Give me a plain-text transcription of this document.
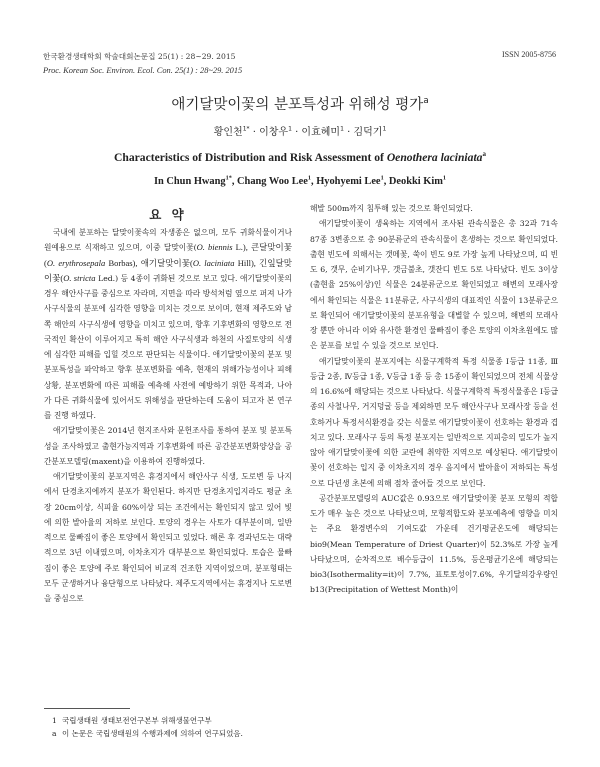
한국환경생태학회 학술대회논문집 25(1) : 28~29. 2015
Proc. Korean Soc. Environ. Ecol. Con. 25(1) : 28~29. 2015
ISSN 2005-8756
애기달맞이꽃의 분포특성과 위해성 평가$^a$
황인천$^{1*}$ · 이창우$^1$ · 이효혜미$^1$ · 김덕기$^1$
Characteristics of Distribution and Risk Assessment of Oenothera laciniata$^a$
In Chun Hwang$^{1*}$, Chang Woo Lee$^1$, Hyohyemi Lee$^1$, Deokki Kim$^1$
요 약

국내에 분포하는 달맞이꽃속의 자생종은 없으며, 모두 귀화식물이거나 원예용으로 식재하고 있으며, 이중 달맞이꽃(O. biennis L.), 큰달맞이꽃(O. erythrosepala Borbas), 애기달맞이꽃(O. laciniata Hill), 긴잎달맞이꽃(O. stricta Led.) 등 4종이 귀화된 것으로 보고 있다. 애기달맞이꽃의 경우 해안사구를 중심으로 자라며, 지면을 따라 방석처럼 옆으로 퍼져 나가 사구식물의 분포에 심각한 영향을 미치는 것으로 보이며, 현재 제주도와 남쪽 해안의 사구식생에 영향을 미치고 있으며, 향후 기후변화의 영향으로 전국적인 확산이 이루어지고 특히 해안 사구식생과 하천의 사질토양의 식생에 심각한 피해를 입힐 것으로 판단되는 식물이다. 애기달맞이꽃의 분포 및 분포특성을 파악하고 향후 분포변화를 예측, 현재의 위해가능성이나 피해상황, 분포변화에 따른 피해를 예측해 사전에 예방하기 위한 목적과, 나아가 다른 귀화식물에 있어서도 위해성을 판단하는데 도움이 되고자 본 연구를 진행 하였다.

애기달맞이꽃은 2014년 현지조사와 문헌조사를 통하여 분포 및 분포특성을 조사하였고 출현가능지역과 기후변화에 따른 공간분포변화양상을 공간분포모델링(maxent)을 이용하여 진행하였다.

애기달맞이꽃의 분포지역은 휴경지에서 해안사구 식생, 도로변 등 나지에서 단경초지에까지 분포가 확인된다. 하지만 단경초지입지라도 평균 초장 20cm이상, 식피율 60%이상 되는 조건에서는 확인되지 않고 있어 빛에 의한 발아율의 저하로 보인다. 토양의 경우는 사토가 대부분이며, 일반적으로 물빠짐이 좋은 토양에서 확인되고 있었다. 해론 후 경과년도는 대략적으로 3년 이내였으며, 이차초지가 대부분으로 확인되었다. 토습은 물빠짐이 좋은 토양에 주로 확인되어 비교적 건조한 지역이었으며, 분포형태는 모두 군생하거나 융단형으로 나타났다. 제주도지역에서는 휴경지나 도로변을 중심으로

해발 500m까지 침투해 있는 것으로 확인되었다.

애기달맞이꽃이 생육하는 지역에서 조사된 관속식물은 총 32과 71속 87종 3변종으로 총 90분류군의 관속식물이 혼생하는 것으로 확인되었다. 출현 빈도에 의해서는 갯메꽃, 쑥이 빈도 9로 가장 높게 나타났으며, 띠 빈도 6, 갯무, 순비기나무, 갯금불초, 갯잔디 빈도 5로 나타났다. 빈도 3이상 (출현율 25%이상)인 식물은 24분류군으로 확인되었고 해변의 모래사장에서 확인되는 식물은 11분류군, 사구식생의 대표적인 식물이 13분류군으로 확인되어 애기달맞이꽃의 분포유형을 대별할 수 있으며, 해변의 모래사장 뿐만 아니라 이와 유사한 환경인 물빠짐이 좋은 토양의 이차초원에도 많은 분포를 보일 수 있을 것으로 보인다.

애기달맞이꽃의 분포지에는 식물구계학적 특정 식물종 Ⅰ등급 11종, Ⅲ등급 2종, Ⅳ등급 1종, Ⅴ등급 1종 등 총 15종이 확인되었으며 전체 식물상의 16.6%에 해당되는 것으로 나타났다. 식물구계학적 특정식물종은 Ⅰ등급 종의 사철나무, 거지덩굴 등을 제외하면 모두 해안사구나 모래사장 등을 선호하거나 특정서식환경을 갖는 식물로 애기달맞이꽃이 선호하는 환경과 겹치고 있다. 모래사구 등의 특정 분포지는 일반적으로 지피층의 밀도가 높지 않아 애기달맞이꽃에 의한 교란에 취약한 지역으로 예상된다. 애기달맞이꽃이 선호하는 입지 중 이차초지의 경우 음지에서 발아율이 저하되는 특성으로 다년생 초본에 의해 점차 줄어들 것으로 보인다.

공간분포모델링의 AUC값은 0.93으로 애기달맞이꽃 분포 모형의 적합도가 매우 높은 것으로 나타났으며, 모형적합도와 분포예측에 영향을 미치는 주요 환경변수의 기여도값 가운데 건기평균온도에 해당되는 bio9(Mean Temperature of Driest Quarter)이 52.3%로 가장 높게 나타났으며, 순차적으로 배수등급이 11.5%, 등온평균기온에 해당되는 bio3(Isothermality=it)이 7.7%, 표토토성이7.6%, 우기달의강우량인 b13(Precipitation of Wettest Month)이

1 국립생태원 생태보전연구본부 위해생물연구부
a 이 논문은 국립생태원의 수행과제에 의하여 연구되었음.
